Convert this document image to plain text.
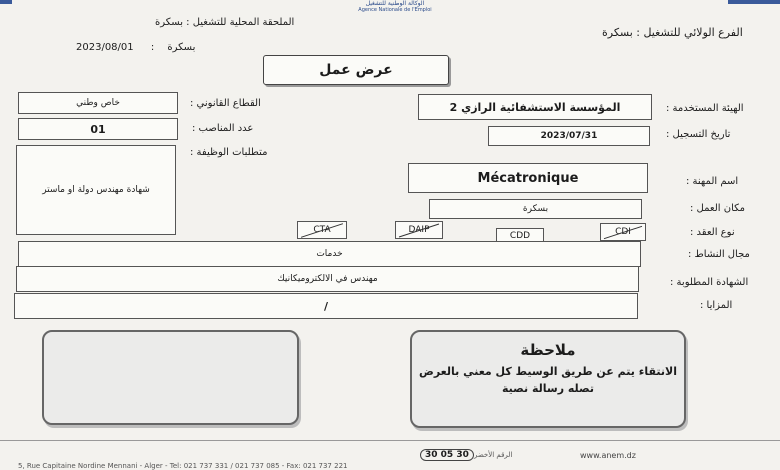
الوكالة الوطنية للتشغيل
Agence Nationale de l'Emploi
الملحقة المحلية للتشغيل : بسكرة
الفرع الولائي للتشغيل : بسكرة
2023/08/01 : بسكرة
عرض عمل
القطاع القانوني :
خاص وطني
عدد المناصب :
01
متطلبات الوظيفة :
شهادة مهندس دولة او ماستر
الهيئة المستخدمة :
المؤسسة الاستشفائية الرازي 2
تاريخ التسجيل :
2023/07/31
اسم المهنة :
Mécatronique
مكان العمل :
بسكرة
نوع العقد :
CTA	DAIP
CDD	CDI
مجال النشاط :
خدمات
الشهادة المطلوبة :
مهندس في الالكتروميكانيك
المزايا :
/
ملاحظة
الانتقاء يتم عن طريق الوسيط كل معني بالعرض
تصله رسالة نصية
5, Rue Capitaine Nordine Mennani - Alger - Tel: 021 737 331 / 021 737 085 - Fax: 021 737 221
الرقم الأخضر
30 05 30	www.anem.dz
